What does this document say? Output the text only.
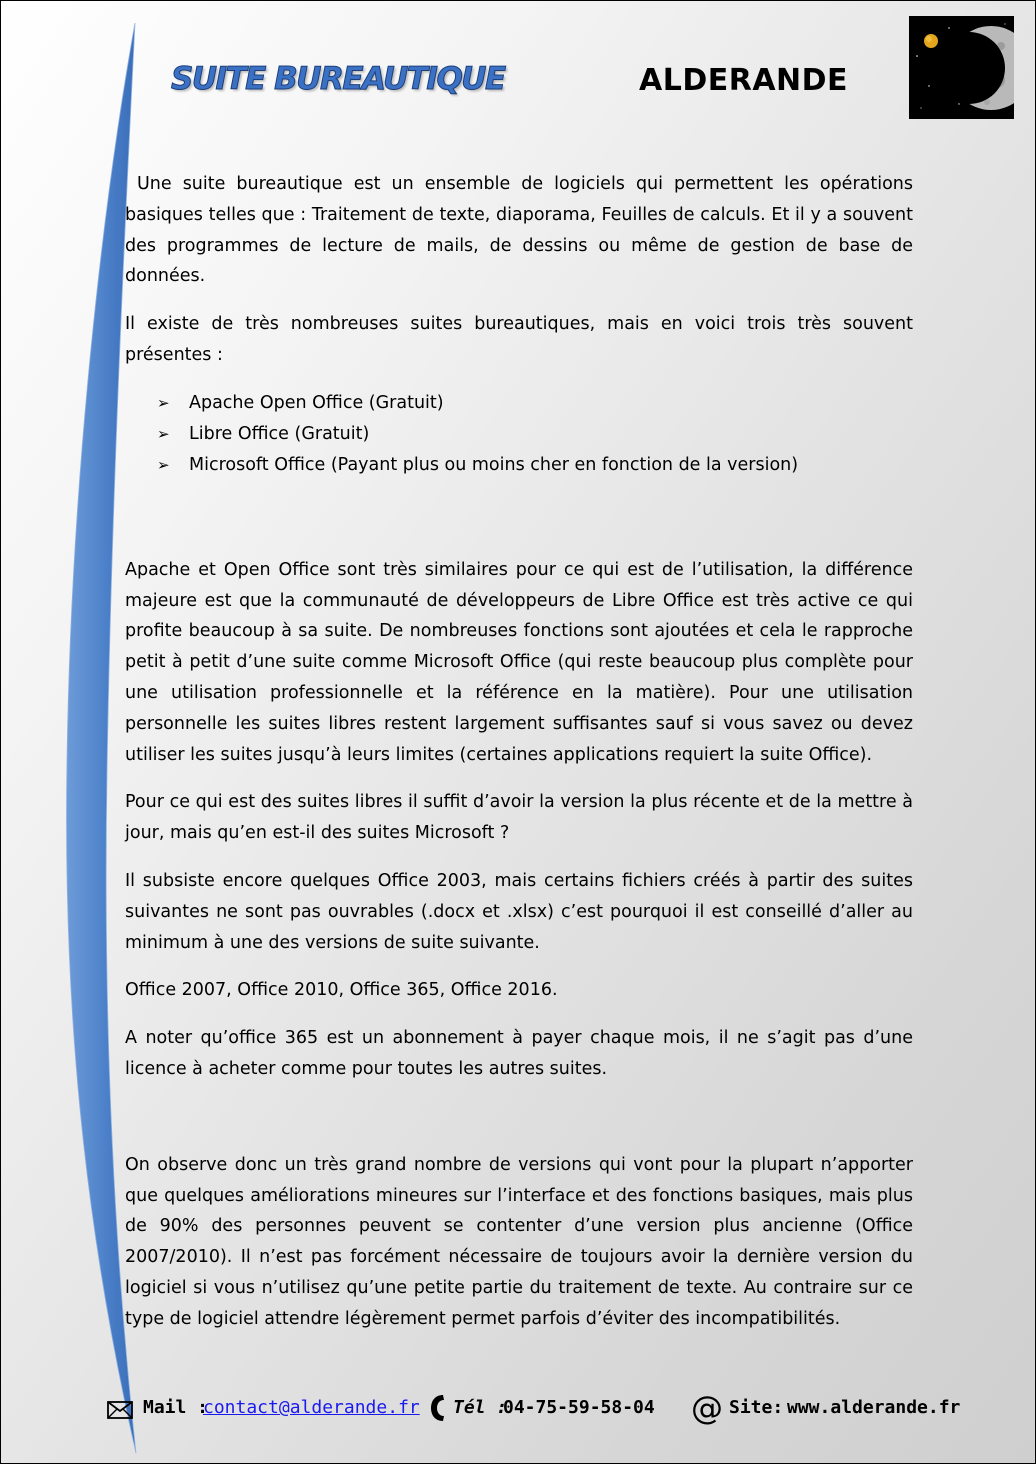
SUITE BUREAUTIQUE	ALDERANDE

Une suite bureautique est un ensemble de logiciels qui permettent les opérations basiques telles que : Traitement de texte, diaporama, Feuilles de calculs. Et il y a souvent des programmes de lecture de mails, de dessins ou même de gestion de base de données.

Il existe de très nombreuses suites bureautiques, mais en voici trois très souvent présentes :

➢ Apache Open Office (Gratuit)
➢ Libre Office (Gratuit)
➢ Microsoft Office (Payant plus ou moins cher en fonction de la version)

Apache et Open Office sont très similaires pour ce qui est de l’utilisation, la différence majeure est que la communauté de développeurs de Libre Office est très active ce qui profite beaucoup à sa suite. De nombreuses fonctions sont ajoutées et cela le rapproche petit à petit d’une suite comme Microsoft Office (qui reste beaucoup plus complète pour une utilisation professionnelle et la référence en la matière). Pour une utilisation personnelle les suites libres restent largement suffisantes sauf si vous savez ou devez utiliser les suites jusqu’à leurs limites (certaines applications requiert la suite Office).

Pour ce qui est des suites libres il suffit d’avoir la version la plus récente et de la mettre à jour, mais qu’en est-il des suites Microsoft ?

Il subsiste encore quelques Office 2003, mais certains fichiers créés à partir des suites suivantes ne sont pas ouvrables (.docx et .xlsx) c’est pourquoi il est conseillé d’aller au minimum à une des versions de suite suivante.

Office 2007, Office 2010, Office 365, Office 2016.

A noter qu’office 365 est un abonnement à payer chaque mois, il ne s’agit pas d’une licence à acheter comme pour toutes les autres suites.

On observe donc un très grand nombre de versions qui vont pour la plupart n’apporter que quelques améliorations mineures sur l’interface et des fonctions basiques, mais plus de 90% des personnes peuvent se contenter d’une version plus ancienne (Office 2007/2010). Il n’est pas forcément nécessaire de toujours avoir la dernière version du logiciel si vous n’utilisez qu’une petite partie du traitement de texte. Au contraire sur ce type de logiciel attendre légèrement permet parfois d’éviter des incompatibilités.

Mail :
contact@alderande.fr Tél :
04-75-59-58-04 @ Site: www.alderande.fr
